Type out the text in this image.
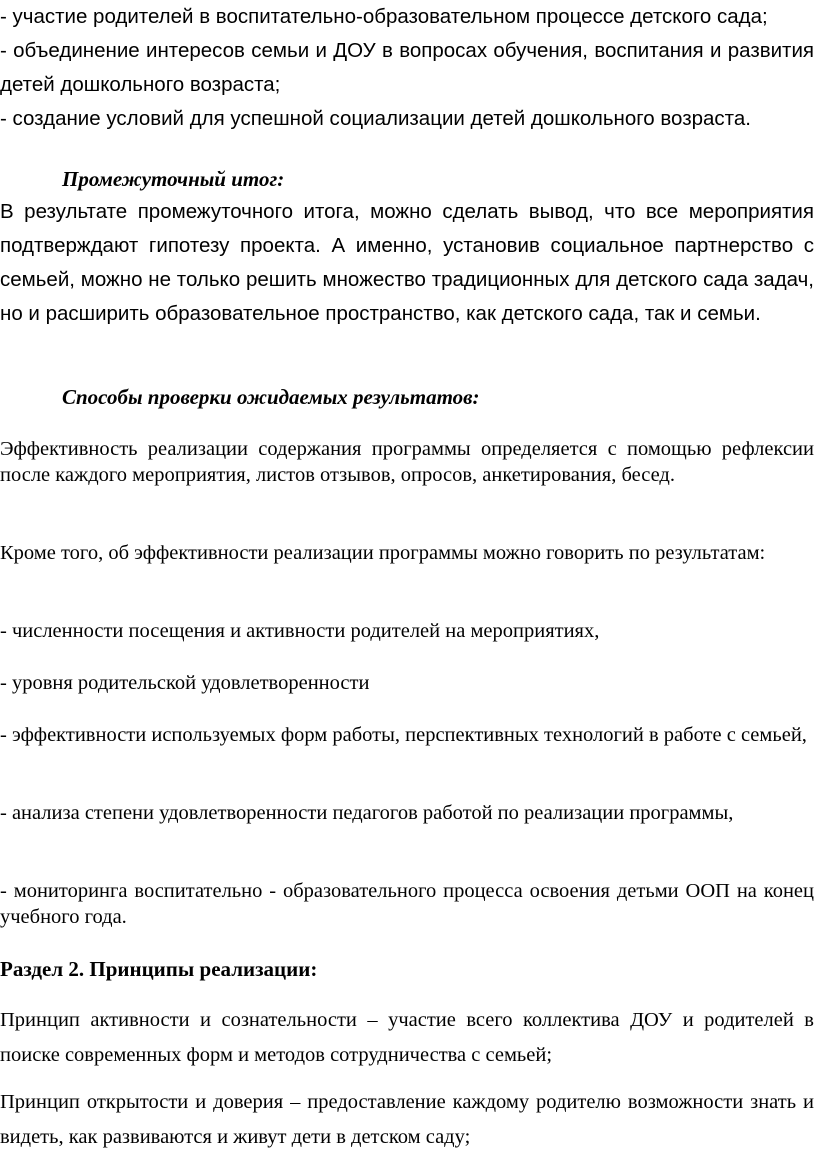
- участие родителей в воспитательно-образовательном процессе детского сада;

- объединение интересов семьи и ДОУ в вопросах обучения, воспитания и развития детей дошкольного возраста;

- создание условий для успешной социализации детей дошкольного возраста.

Промежуточный итог:

В результате промежуточного итога, можно сделать вывод, что все мероприятия подтверждают гипотезу проекта. А именно, установив социальное партнерство с семьей, можно не только решить множество традиционных для детского сада задач, но и расширить образовательное пространство, как детского сада, так и семьи.

Способы проверки ожидаемых результатов:

Эффективность реализации содержания программы определяется с помощью рефлексии после каждого мероприятия, листов отзывов, опросов, анкетирования, бесед.

Кроме того, об эффективности реализации программы можно говорить по результатам:

- численности посещения и активности родителей на мероприятиях,

- уровня родительской удовлетворенности

- эффективности используемых форм работы, перспективных технологий в работе с семьей,

- анализа степени удовлетворенности педагогов работой по реализации программы,

- мониторинга воспитательно - образовательного процесса освоения детьми ООП на конец учебного года.

Раздел 2. Принципы реализации:

Принцип активности и сознательности – участие всего коллектива ДОУ и родителей в поиске современных форм и методов сотрудничества с семьей;

Принцип открытости и доверия – предоставление каждому родителю возможности знать и видеть, как развиваются и живут дети в детском саду;
